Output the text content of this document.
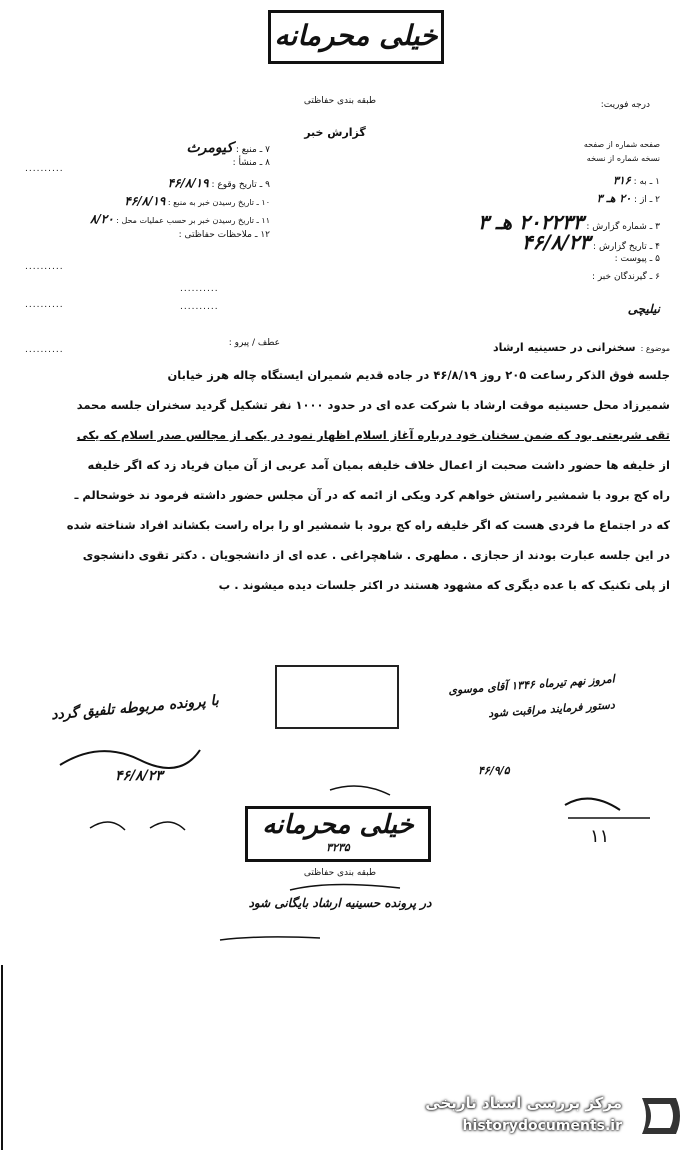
خیلی محرمانه
طبقه بندی حفاظتی	درجه فوریت:
گزارش خبر
۷ ـ منبع : کیومرث
۸ ـ منشأ :
۹ ـ تاریخ وقوع : ۴۶/۸/۱۹
۱۰ ـ تاریخ رسیدن خبر به منبع : ۴۶/۸/۱۹
۱۱ ـ تاریخ رسیدن خبر بر حسب عملیات محل : ۸/۲۰
۱۲ ـ ملاحظات حفاظتی :
..........
..........
..........
..........
..........
..........
صفحه شماره از صفحه
نسخه شماره از نسخه
۱ ـ به : ۳۱۶
۲ ـ از : ۲۰ هـ ۳
۳ ـ شماره گزارش : ۲۰۲۲۳۳ هـ ۳
۴ ـ تاریخ گزارش : ۴۶/۸/۲۳
۵ ـ پیوست :
۶ ـ گیرندگان خبر :
نیلیچی
موضوع : سخنرانی در حسینیه ارشاد
عطف / پیرو :
جلسه فوق الذکر رساعت ۲۰۵ روز ۴۶/۸/۱۹ در جاده قدیم شمیران ایستگاه چاله هرز خیابان
شمیرزاد محل حسینیه موقت ارشاد با شرکت عده ای در حدود ۱۰۰۰ نفر تشکیل گردید سخنران جلسه محمد
تقی شریعتی بود که ضمن سخنان خود درباره آغاز اسلام اظهار نمود در یکی از مجالس صدر اسلام که یکی
از خلیفه ها حضور داشت صحبت از اعمال خلاف خلیفه بمیان آمد عربی از آن میان فریاد زد که اگر خلیفه
راه کج برود با شمشیر راستش خواهم کرد ویکی از ائمه که در آن مجلس حضور داشته فرمود ند خوشحالم ـ
که در اجتماع ما فردی هست که اگر خلیفه راه کج برود با شمشیر او را براه راست بکشاند افراد شناخته شده
در این جلسه عبارت بودند از حجازی . مطهری . شاهچراغی . عده ای از دانشجویان . دکتر تقوی دانشجوی
از پلی تکنیک که با عده دیگری که مشهود هستند در اکثر جلسات دیده میشوند . ب
امروز نهم تیرماه ۱۳۴۶ آقای موسوی
دستور فرمایند مراقبت شود
با پرونده مربوطه تلفیق گردد
۴۶/۸/۲۳	۴۶/۹/۵
خیلی محرمانه
۳۲۳۵
طبقه بندی حفاظتی
در پرونده حسینیه ارشاد بایگانی شود
۱۱
مرکز بررسی اسناد تاریخی
historydocuments.ir
